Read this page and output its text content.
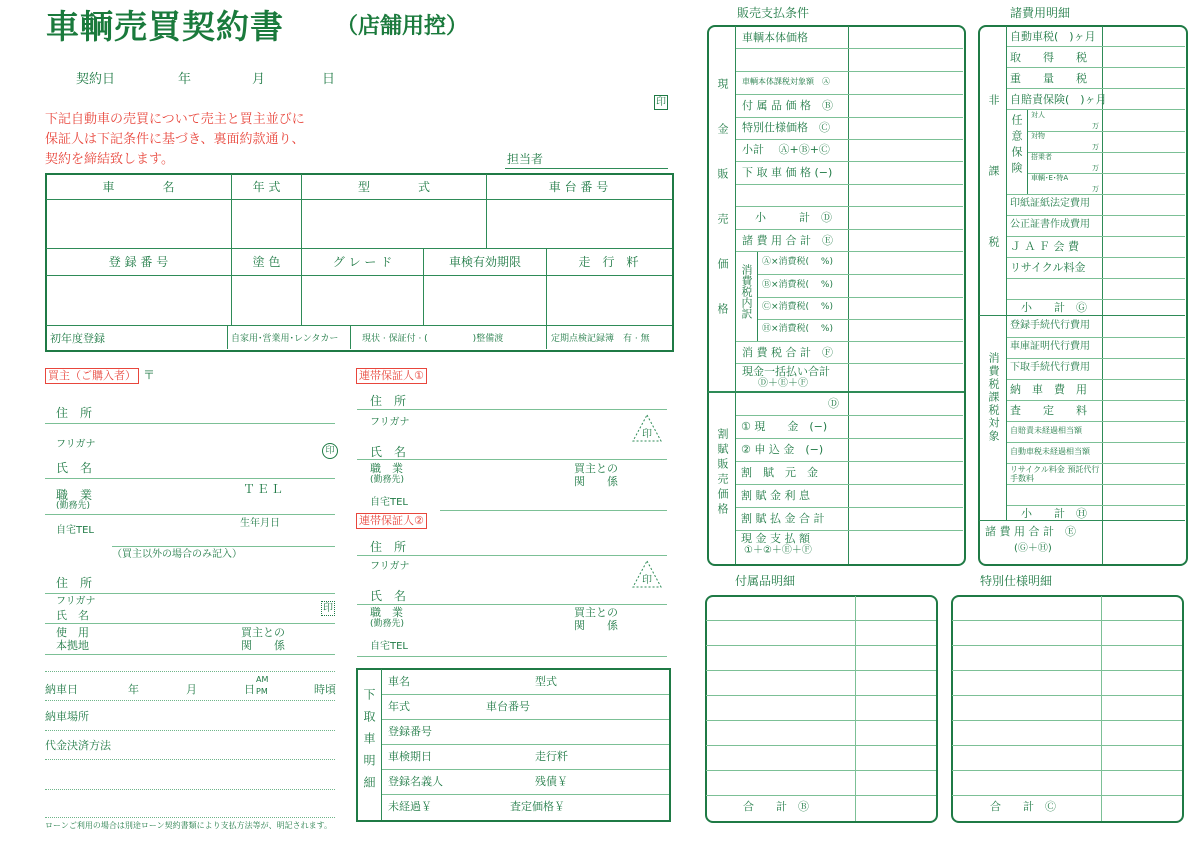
車輌売買契約書 （店舗用控）
契約日	年	月	日
印
下記自動車の売買について売主と買主並びに
保証人は下記条件に基づき、裏面約款通り、
契約を締結致します。	担当者
車　　　　名	年 式	型　　　　式	車 台 番 号
登 録 番 号	塗 色	グ レ ー ド	車検有効期限	走　行　粁
初年度登録	自家用･営業用･レンタカー	現状 · 保証付 · (　　　　　)整備渡	定期点検記録簿　有 · 無
買主（ご購入者） 〒
住　所
フリガナ
印
氏　名
職　業
(勤務先)
ＴＥＬ
自宅TEL
生年月日
（買主以外の場合のみ記入）
住　所
フリガナ
氏　名
印
使　用
本拠地
買主との
関　　係
納車日	年	月	日
AM
PM	時頃
納車場所
代金決済方法
ローンご利用の場合は別途ローン契約書類により支払方法等が、明記されます。
連帯保証人①
住　所
フリガナ
印
氏　名
職　業
(勤務先)
買主との
関　　係
自宅TEL
連帯保証人②
住　所
フリガナ
印
氏　名
職　業
(勤務先)
買主との
関　　係
自宅TEL
下取車明細
車名	型式
年式	車台番号
登録番号
車検期日	走行粁
登録名義人	残債￥
未経過￥	査定価格￥
販売支払条件
現金販売価格
車輌本体価格
車輌本体課税対象額　Ⓐ
付 属 品 価 格　Ⓑ
特別仕様価格　Ⓒ
小計　 Ⓐ+Ⓑ+Ⓒ
下 取 車 価 格 (−)
小　　　計　Ⓓ
諸 費 用 合 計　Ⓔ
消費税内訳
Ⓐ×消費税(　 %)
Ⓑ×消費税(　 %)
Ⓒ×消費税(　 %)
Ⓗ×消費税(　 %)
消 費 税 合 計　Ⓕ
現金一括払い合計
Ⓓ＋Ⓔ＋Ⓕ
割賦販売価格
Ⓓ
① 現　　金　(−)
② 申 込 金　(−)
割　賦　元　金
割 賦 金 利 息
割 賦 払 金 合 計
現 金 支 払 額
①＋②＋Ⓔ＋Ⓕ
諸費用明細
非課税
自動車税(　)ヶ月
取　　得　　税
重　　量　　税
自賠責保険(　)ヶ月
任意保険 対人
万
対物
万
搭乗者
万
車輌･E･特A
万
印紙証紙法定費用
公正証書作成費用
Ｊ Ａ Ｆ 会 費
リサイクル料金
小　　計　Ⓖ
消費税課税対象
登録手続代行費用
車庫証明代行費用
下取手続代行費用
納　車　費　用
査　　定　　料
自賠責未経過相当額
自動車税未経過相当額
リサイクル料金 預託代行手数料
小　　計　Ⓗ
諸 費 用 合 計　Ⓔ
(Ⓖ＋Ⓗ)
付属品明細
合　　計　Ⓑ
特別仕様明細
合　　計　Ⓒ
